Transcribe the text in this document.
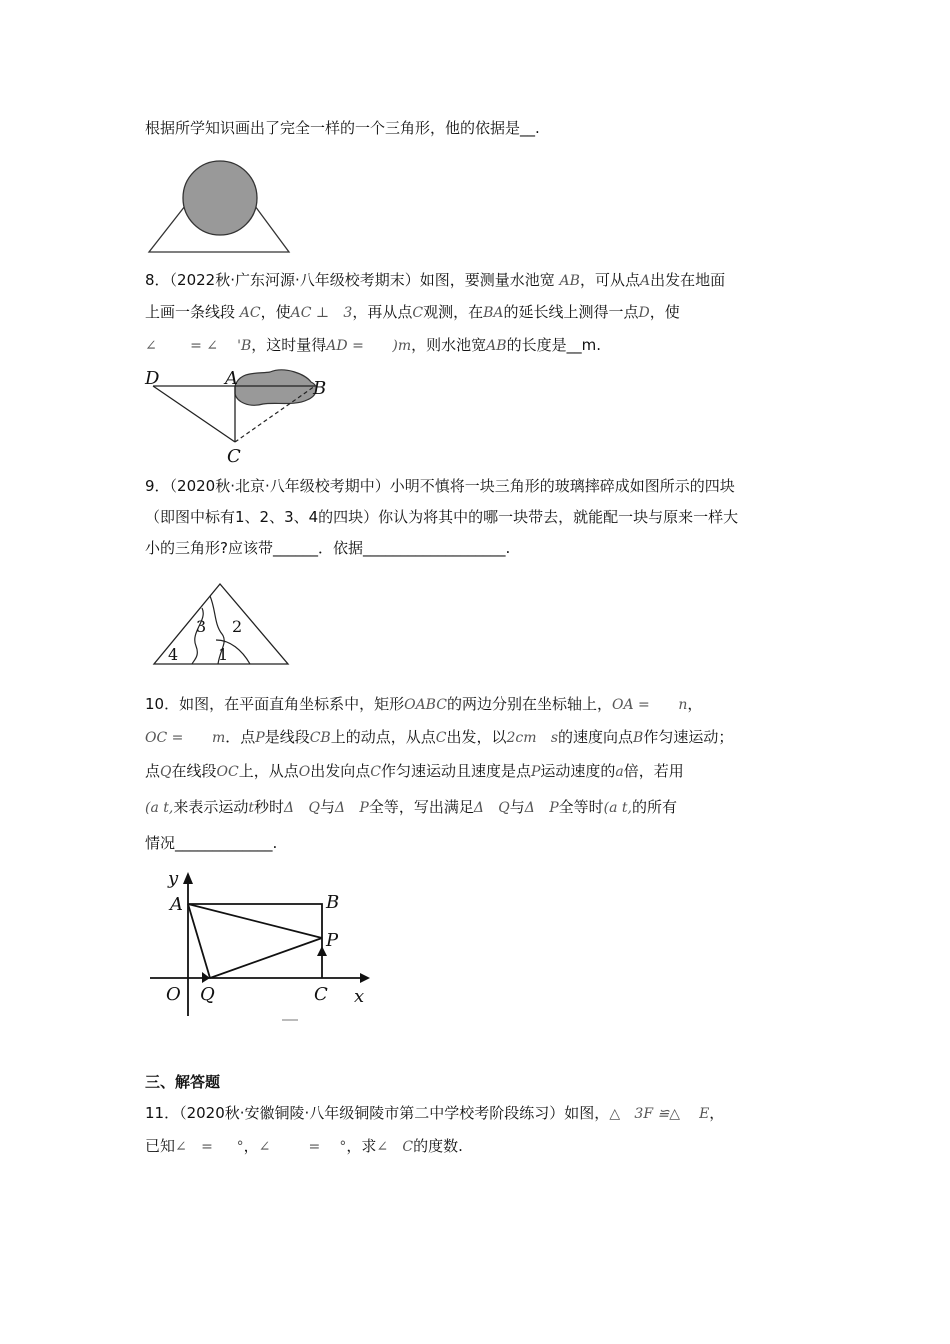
根据所学知识画出了完全一样的一个三角形，他的依据是__.
8．（2022秋·广东河源·八年级校考期末）如图，要测量水池宽 AB，可从点A出发在地面
上画一条线段 AC，使AC ⊥ 3，再从点C观测，在BA的延长线上测得一点D，使
∠ = ∠ 'B，这时量得AD = )m，则水池宽AB的长度是__m.
D	A	B
C
9．（2020秋·北京·八年级校考期中）小明不慎将一块三角形的玻璃摔碎成如图所示的四块
（即图中标有1、2、3、4的四块）你认为将其中的哪一块带去，就能配一块与原来一样大
小的三角形?应该带______．依据___________________.
3 2
4 1
10．如图，在平面直角坐标系中，矩形OABC的两边分别在坐标轴上，OA = n，
OC = m．点P是线段CB上的动点，从点C出发，以2cm s的速度向点B作匀速运动；
点Q在线段OC上，从点O出发向点C作匀速运动且速度是点P运动速度的a倍，若用
(a t,来表示运动t秒时Δ Q与Δ P全等，写出满足Δ Q与Δ P全等时(a t,的所有
情况_____________.
y
A	B
P
O Q	C x
三、解答题
11．（2020秋·安徽铜陵·八年级铜陵市第二中学校考阶段练习）如图，△ 3F ≌△ E，
已知∠ = °，∠	= °，求∠ C的度数.
